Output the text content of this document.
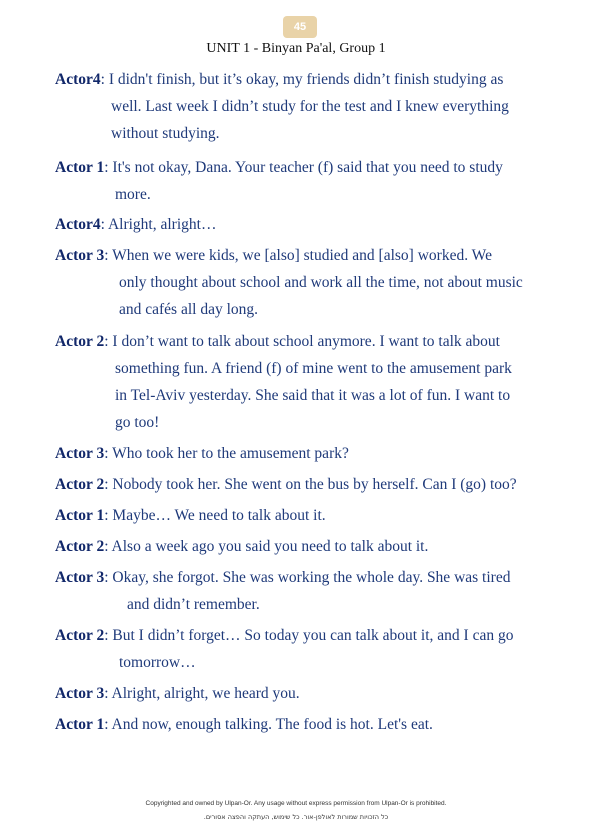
45
UNIT 1 - Binyan Pa'al, Group 1
Actor4: I didn't finish, but it’s okay, my friends didn’t finish studying as
well. Last week I didn’t study for the test and I knew everything
without studying.
Actor 1: It's not okay, Dana. Your teacher (f) said that you need to study
more.
Actor4: Alright, alright…
Actor 3: When we were kids, we [also] studied and [also] worked. We
only thought about school and work all the time, not about music
and cafés all day long.
Actor 2: I don’t want to talk about school anymore. I want to talk about
something fun. A friend (f) of mine went to the amusement park
in Tel-Aviv yesterday. She said that it was a lot of fun. I want to
go too!
Actor 3: Who took her to the amusement park?
Actor 2: Nobody took her. She went on the bus by herself. Can I (go) too?
Actor 1: Maybe… We need to talk about it.
Actor 2: Also a week ago you said you need to talk about it.
Actor 3: Okay, she forgot. She was working the whole day. She was tired
and didn’t remember.
Actor 2: But I didn’t forget… So today you can talk about it, and I can go
tomorrow…
Actor 3: Alright, alright, we heard you.
Actor 1: And now, enough talking. The food is hot. Let's eat.
Copyrighted and owned by Ulpan-Or. Any usage without express permission from Ulpan-Or is prohibited.
כל הזכויות שמורות לאולפן-אור. כל שימוש, העתקה והפצה אסורים.
